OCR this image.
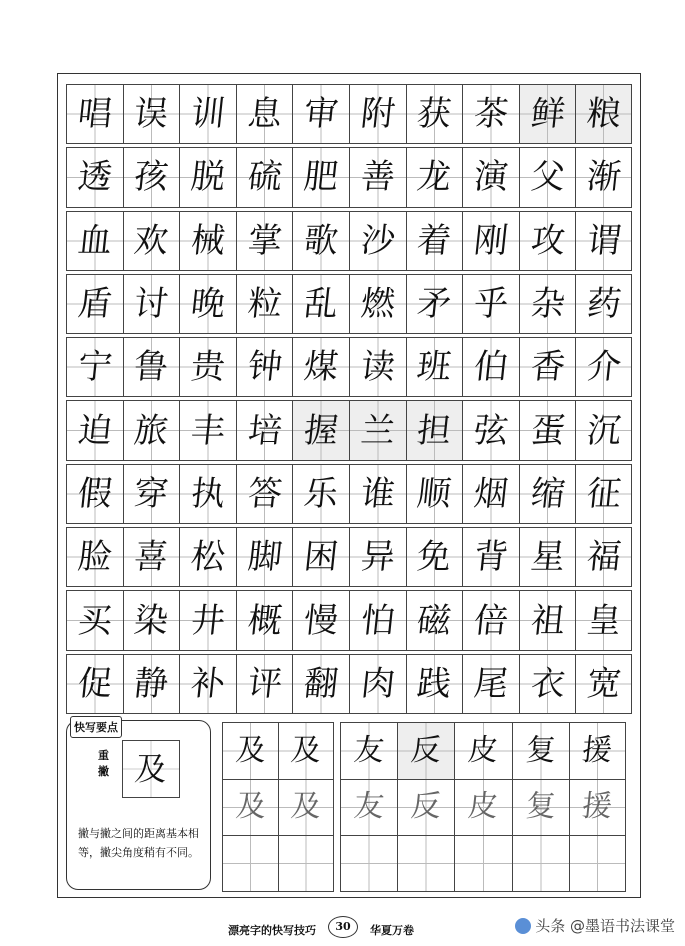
唱 误 训 息 审 附 获 茶 鲜 粮
透 孩 脱 硫 肥 善 龙 演 父 渐
血 欢 械 掌 歌 沙 着 刚 攻 谓
盾 讨 晚 粒 乱 燃 矛 乎 杂 药
宁 鲁 贵 钟 煤 读 班 伯 香 介
迫 旅 丰 培 握 兰 担 弦 蛋 沉
假 穿 执 答 乐 谁 顺 烟 缩 征
脸 喜 松 脚 困 异 免 背 星 福
买 染 井 概 慢 怕 磁 倍 祖 皇
促 静 补 评 翻 肉 践 尾 衣 宽
快写要点
重撇 及
撇与撇之间的距离基本相等，撇尖角度稍有不同。
及 及
及 及
友 反 皮 复 援
友 反 皮 复 援
漂亮字的快写技巧	30	华夏万卷	头条 @墨语书法课堂
